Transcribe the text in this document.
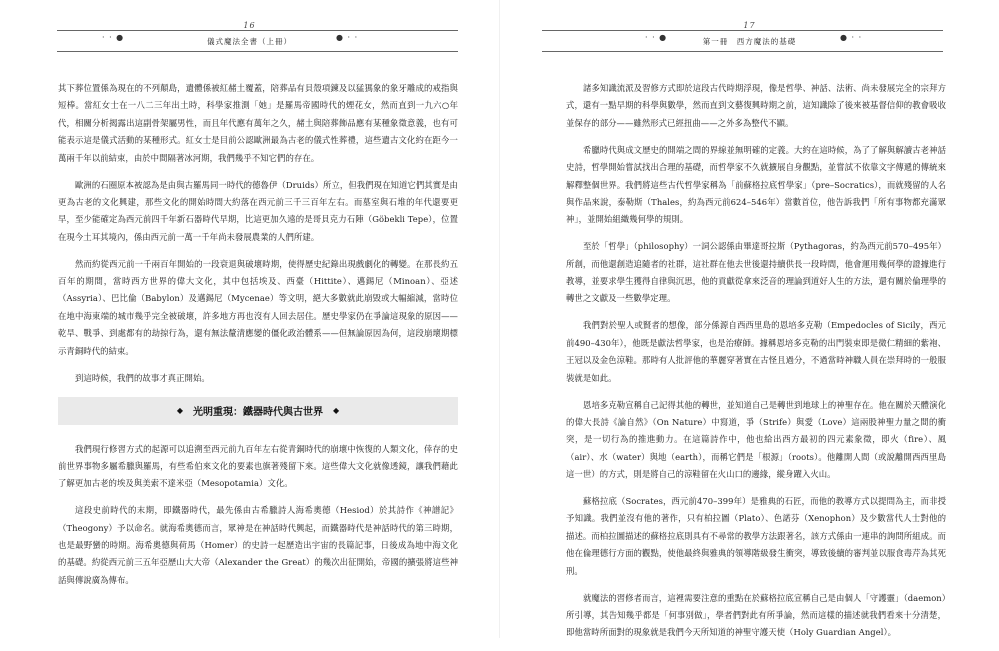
16
· · ●	● · ·
儀式魔法全書（上冊）

其下葬位置係為現在的不列顛島，遺體係被紅赭土覆蓋，陪葬品有貝殼項鍊及以猛獁象的象牙雕成的戒指與短棒。當紅女士在一八二三年出土時，科學家推測「她」是羅馬帝國時代的煙花女，然而直到一九六○年代，相關分析揭露出這副骨架屬男性，而且年代應有萬年之久，赭土與陪葬飾品應有某種象徵意義，也有可能表示這是儀式活動的某種形式。紅女士是目前公認歐洲最為古老的儀式性葬禮，這些遺古文化約在距今一萬兩千年以前結束，由於中間隔著冰河期，我們幾乎不知它們的存在。

歐洲的石圈原本被認為是由與古羅馬同一時代的德魯伊（Druids）所立，但我們現在知道它們其實是由更為古老的文化興建，那些文化的開始時間大約落在西元前三千三百年左右。而墓室與石堆的年代還要更早，至少能確定為西元前四千年新石器時代早期，比這更加久遠的是哥貝克力石陣（Göbekli Tepe），位置在現今土耳其境內，係由西元前一萬一千年尚未發展農業的人們所建。

然而約從西元前一千兩百年開始的一段衰退與破壞時期，使得歷史紀錄出現戲劇化的轉變。在那長約五百年的期間，當時西方世界的偉大文化，其中包括埃及、西臺（Hittite）、邁錫尼（Minoan）、亞述（Assyria）、巴比倫（Babylon）及邁錫尼（Mycenae）等文明，絕大多數就此崩毀或大幅縮減，當時位在地中海東端的城市幾乎完全被破壞，許多地方再也沒有人回去居住。歷史學家仍在爭論這現象的原因——乾旱、戰爭、到處都有的劫掠行為，還有無法釐清應變的僵化政治體系——但無論原因為何，這段崩壞期標示青銅時代的結束。

到這時候，我們的故事才真正開始。

◆ 光明重現：鐵器時代與古世界 ◆

我們現行修習方式的起源可以追溯至西元前九百年左右從青銅時代的崩壞中恢復的人類文化，倖存的史前世界事物多屬希臘與羅馬，有些希伯來文化的要素也旗著殘留下來。這些偉大文化就像透鏡，讓我們藉此了解更加古老的埃及與美索不達米亞（Mesopotamia）文化。

這段史前時代的末期，即鐵器時代，最先係由古希臘詩人海希奧德（Hesiod）於其詩作《神譜記》（Theogony）予以命名。就海希奧德而言，眾神是在神話時代興起，而鐵器時代是神話時代的第三時期，也是最野蠻的時期。海希奧德與荷馬（Homer）的史詩一起歷造出宇宙的長篇記事，日後成為地中海文化的基礎。約從西元前三五年亞歷山大大帝（Alexander the Great）的幾次出征開始，帝國的擴張將這些神話與傳說廣為傳布。

17
· · ●	● · ·
第一冊　西方魔法的基礎

諸多知識流派及習修方式即於這段古代時期浮現，像是哲學、神話、法術、尚未發展完全的宗拜方式，還有一點早期的科學與數學，然而直到文藝復興時期之前，這知識除了後來被基督信仰的教會吸收並保存的部分——雖然形式已經扭曲——之外多為整代不顯。

希臘時代與成文歷史的開端之間的界線並無明確的定義。大約在這時候，為了了解與解讀古老神話史詩，哲學開始嘗試找出合理的基礎，而哲學家不久就擴展自身觀點，並嘗試不依靠文字傳遞的傳統來解釋整個世界。我們將這些古代哲學家稱為「前蘇格拉底哲學家」（pre–Socratics），而就殘留的人名與作品來說，泰勒斯（Thales，約為西元前624–546年）當數首位，他告訴我們「所有事物都充滿眾神」，並開始組織幾何學的規則。

至於「哲學」（philosophy）一詞公認係由畢達哥拉斯（Pythagoras，約為西元前570–495年）所創，而他還創造追隨者的社群，這社群在他去世後還持續供長一段時間，他會運用幾何學的證據進行教導，並要求學生獲得自律與沉思，他的貢獻從拿來泛音的理論到道好人生的方法，還有關於倫理學的轉世之文獻及一些數學定理。

我們對於聖人或賢者的想像，部分係源自西西里島的恩培多克勒（Empedocles of Sicily，西元前490–430年），他既是獻法哲學家，也是治療師。據稱恩培多克勒的出門裝束即是微仁精細的紫袍、王冠以及金色涼鞋。那時有人批評他的華麗穿著實在古怪且過分，不過當時神職人員在崇拜時的一般服裝就是如此。

恩培多克勒宣稱自己記得其他的轉世，並知道自己是轉世到地球上的神聖存在。他在關於天體演化的偉大長詩《論自然》（On Nature）中寫道，爭（Strife）與愛（Love）這兩股神聖力量之間的衝突，是一切行為的推進動力。在這篇詩作中，他也給出西方最初的四元素象徵，即火（fire）、風（air）、水（water）與地（earth），而稱它們是「根源」（roots）。他離開人間（或說離開西西里島這一世）的方式，則是將自己的涼鞋留在火山口的邊緣，縱身躍入火山。

蘇格拉底（Socrates，西元前470–399年）是雅典的石匠，而他的教導方式以提問為主，而非授予知識。我們並沒有他的著作，只有柏拉圖（Plato）、色諾芬（Xenophon）及少數當代人士對他的描述。而柏拉圖描述的蘇格拉底則具有不尋常的教學方法跟著名，該方式係由一連串的詢問所組成。而他在倫理德行方面的觀點，使他最終與雅典的領導階級發生衝突，導致後續的審判並以服食毒芹為其死刑。

就魔法的習修者而言，這裡需要注意的重點在於蘇格拉底宣稱自己是由個人「守護靈」（daemon）所引導，其告知幾乎都是「何事別做」，學者們對此有所爭論，然而這樣的描述就我們看來十分清楚，即他當時所面對的現象就是我們今天所知道的神聖守護天使（Holy Guardian Angel）。
